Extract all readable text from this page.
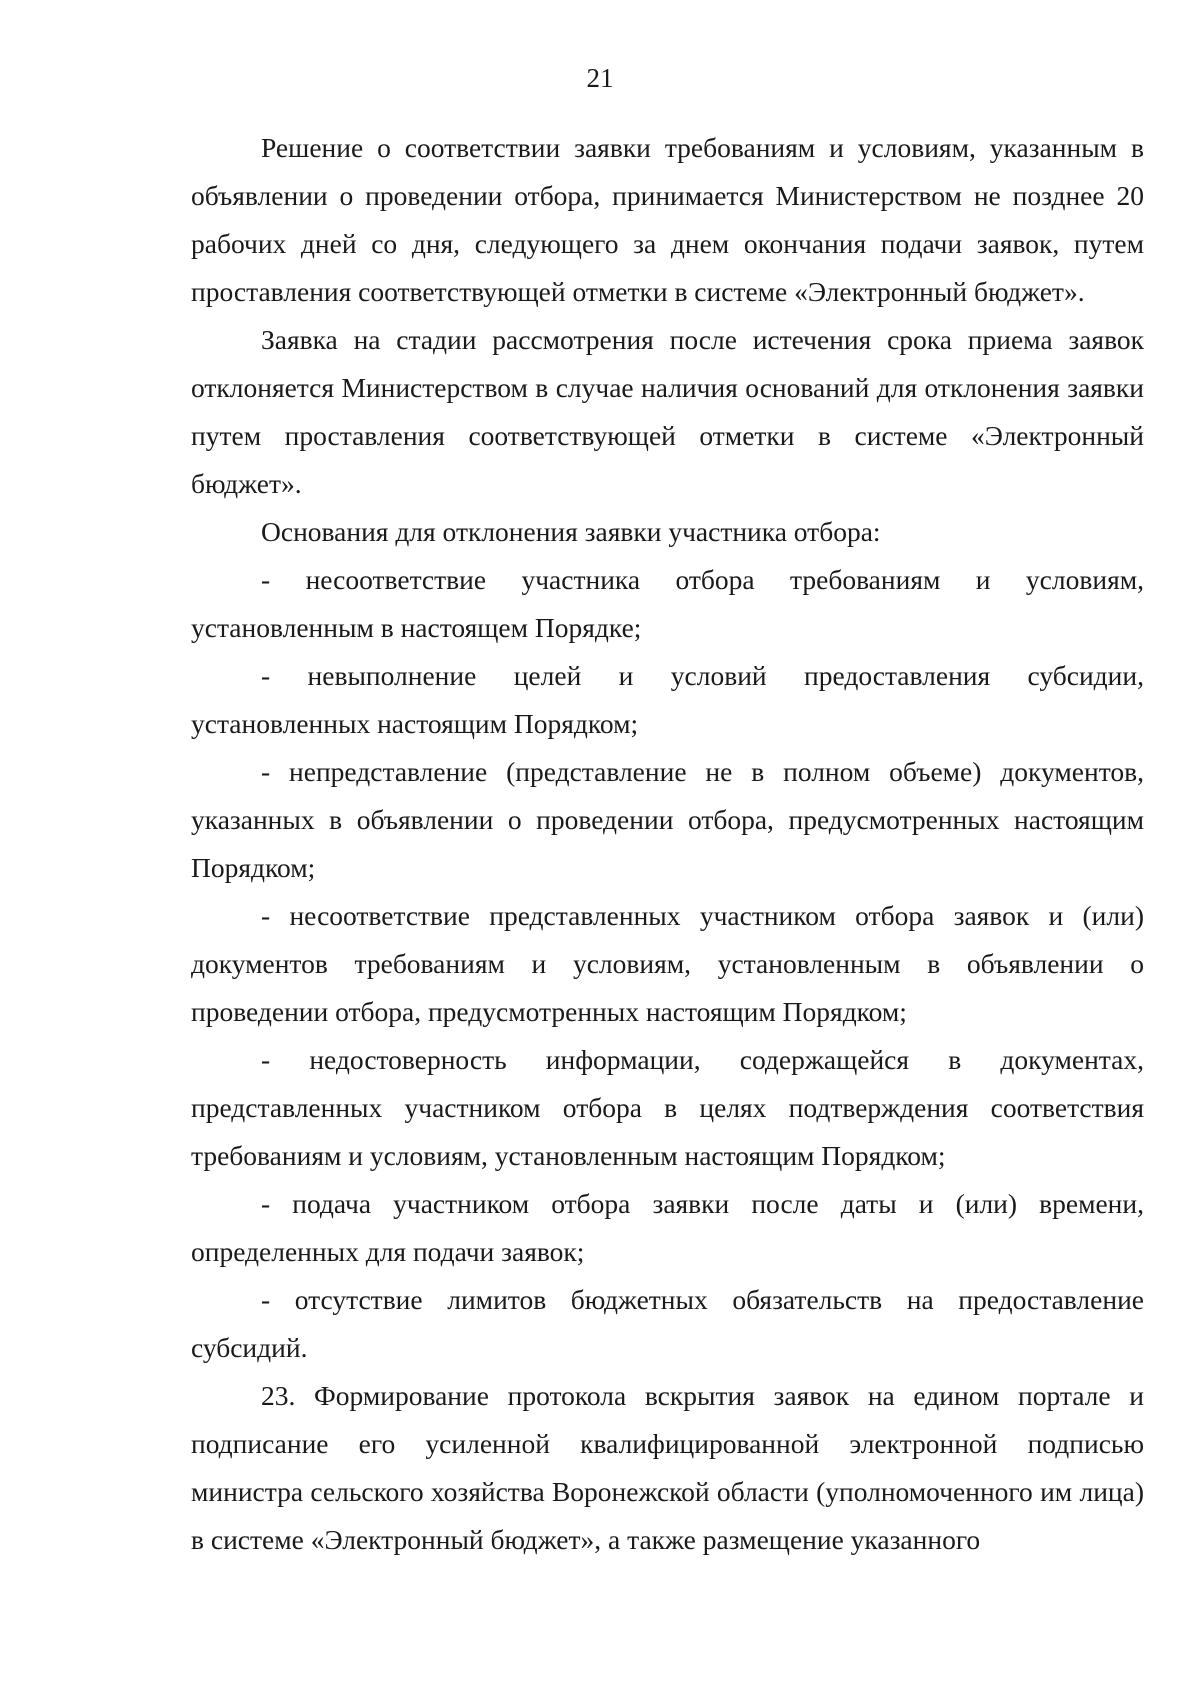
21

Решение о соответствии заявки требованиям и условиям, указанным в объявлении о проведении отбора, принимается Министерством не позднее 20 рабочих дней со дня, следующего за днем окончания подачи заявок, путем проставления соответствующей отметки в системе «Электронный бюджет».

Заявка на стадии рассмотрения после истечения срока приема заявок отклоняется Министерством в случае наличия оснований для отклонения заявки путем проставления соответствующей отметки в системе «Электронный бюджет».

Основания для отклонения заявки участника отбора:

- несоответствие участника отбора требованиям и условиям, установленным в настоящем Порядке;

- невыполнение целей и условий предоставления субсидии, установленных настоящим Порядком;

- непредставление (представление не в полном объеме) документов, указанных в объявлении о проведении отбора, предусмотренных настоящим Порядком;

- несоответствие представленных участником отбора заявок и (или) документов требованиям и условиям, установленным в объявлении о проведении отбора, предусмотренных настоящим Порядком;

- недостоверность информации, содержащейся в документах, представленных участником отбора в целях подтверждения соответствия требованиям и условиям, установленным настоящим Порядком;

- подача участником отбора заявки после даты и (или) времени, определенных для подачи заявок;

- отсутствие лимитов бюджетных обязательств на предоставление субсидий.

23. Формирование протокола вскрытия заявок на едином портале и подписание его усиленной квалифицированной электронной подписью министра сельского хозяйства Воронежской области (уполномоченного им лица) в системе «Электронный бюджет», а также размещение указанного
